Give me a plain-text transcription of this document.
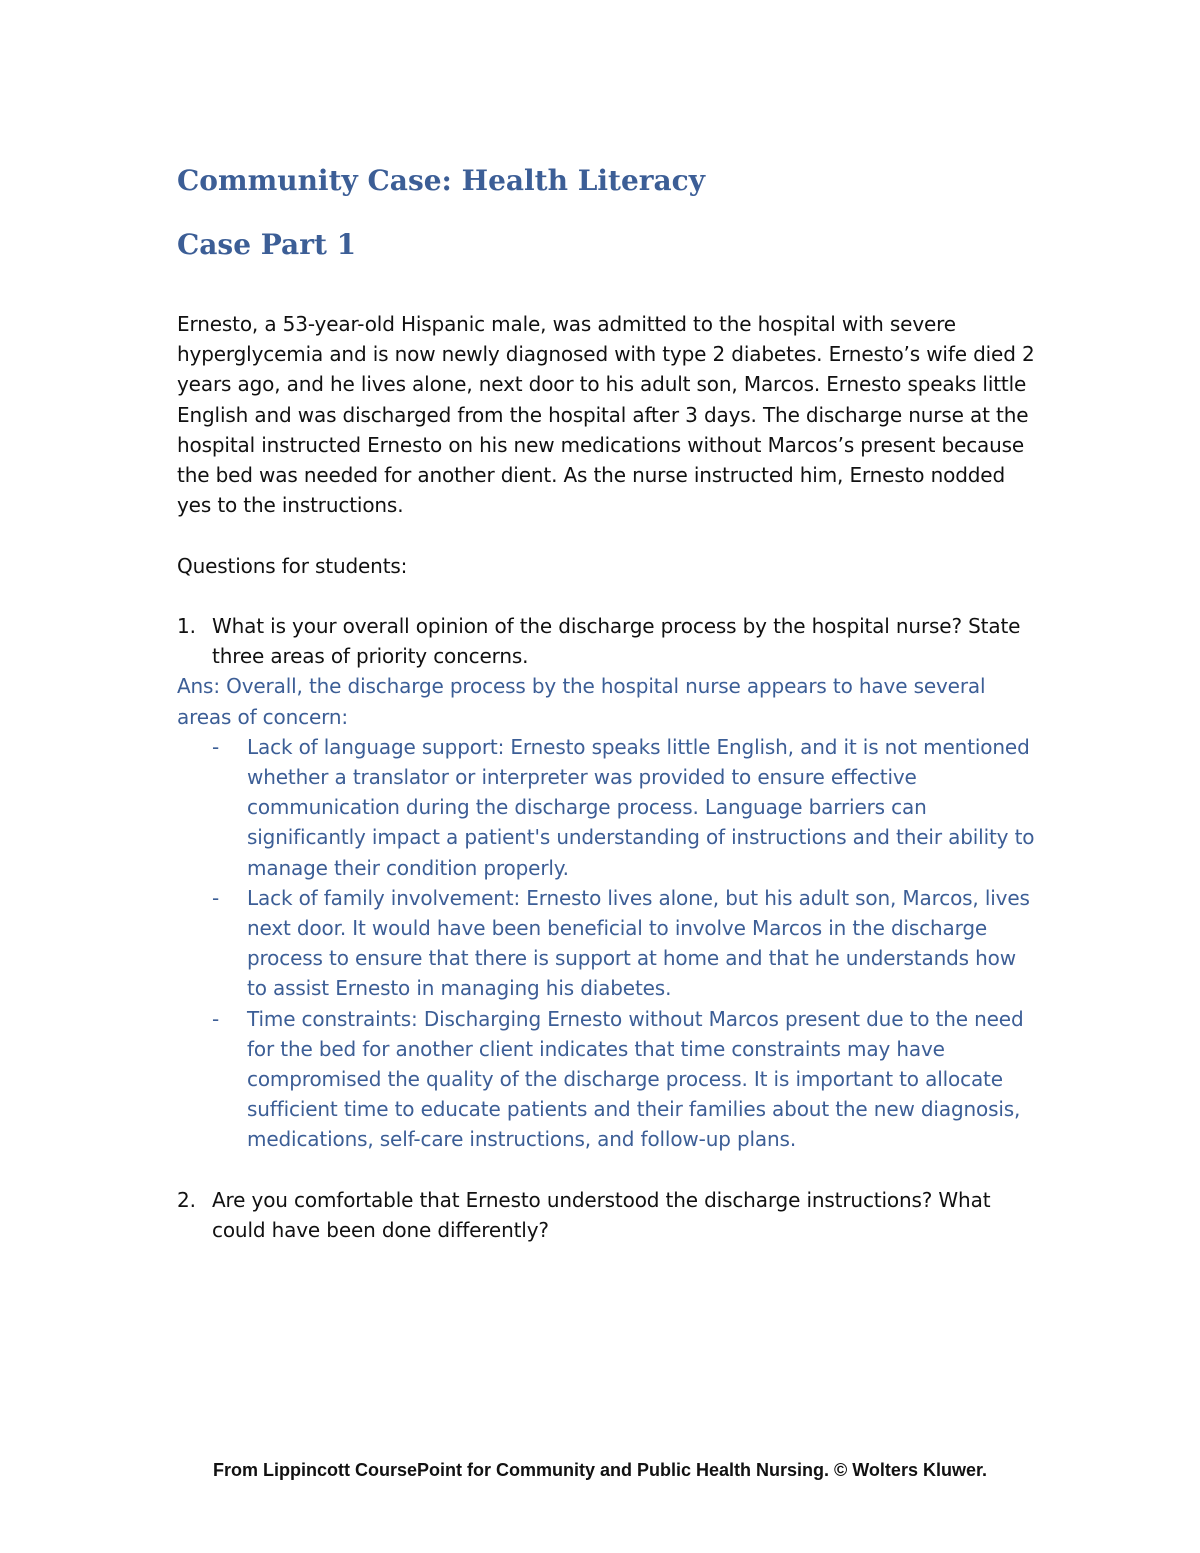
Community Case: Health Literacy
Case Part 1

Ernesto, a 53-year-old Hispanic male, was admitted to the hospital with severe hyperglycemia and is now newly diagnosed with type 2 diabetes. Ernesto’s wife died 2 years ago, and he lives alone, next door to his adult son, Marcos. Ernesto speaks little English and was discharged from the hospital after 3 days. The discharge nurse at the hospital instructed Ernesto on his new medications without Marcos’s present because the bed was needed for another dient. As the nurse instructed him, Ernesto nodded yes to the instructions.

Questions for students:

1. What is your overall opinion of the discharge process by the hospital nurse? State three areas of priority concerns.

Ans: Overall, the discharge process by the hospital nurse appears to have several areas of concern:

-	Lack of language support: Ernesto speaks little English, and it is not mentioned whether a translator or interpreter was provided to ensure effective communication during the discharge process. Language barriers can significantly impact a patient's understanding of instructions and their ability to manage their condition properly.
-	Lack of family involvement: Ernesto lives alone, but his adult son, Marcos, lives next door. It would have been beneficial to involve Marcos in the discharge process to ensure that there is support at home and that he understands how to assist Ernesto in managing his diabetes.
-	Time constraints: Discharging Ernesto without Marcos present due to the need for the bed for another client indicates that time constraints may have compromised the quality of the discharge process. It is important to allocate sufficient time to educate patients and their families about the new diagnosis, medications, self-care instructions, and follow-up plans.
2. Are you comfortable that Ernesto understood the discharge instructions? What could have been done differently?
From Lippincott CoursePoint for Community and Public Health Nursing. © Wolters Kluwer.
